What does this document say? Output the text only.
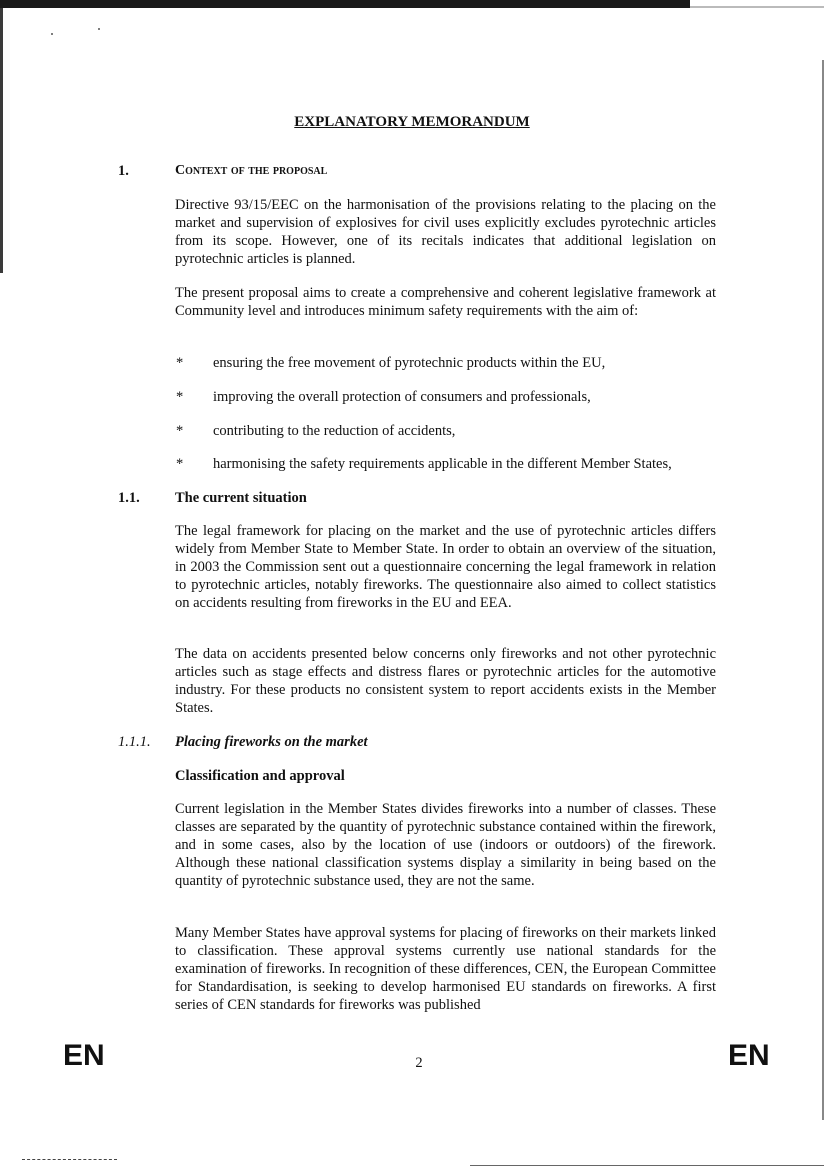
EXPLANATORY MEMORANDUM

1.	Context of the proposal

Directive 93/15/EEC on the harmonisation of the provisions relating to the placing on the market and supervision of explosives for civil uses explicitly excludes pyrotechnic articles from its scope. However, one of its recitals indicates that additional legislation on pyrotechnic articles is planned.

The present proposal aims to create a comprehensive and coherent legislative framework at Community level and introduces minimum safety requirements with the aim of:

* ensuring the free movement of pyrotechnic products within the EU,

* improving the overall protection of consumers and professionals,

* contributing to the reduction of accidents,

* harmonising the safety requirements applicable in the different Member States,

1.1. The current situation

The legal framework for placing on the market and the use of pyrotechnic articles differs widely from Member State to Member State. In order to obtain an overview of the situation, in 2003 the Commission sent out a questionnaire concerning the legal framework in relation to pyrotechnic articles, notably fireworks. The questionnaire also aimed to collect statistics on accidents resulting from fireworks in the EU and EEA.

The data on accidents presented below concerns only fireworks and not other pyrotechnic articles such as stage effects and distress flares or pyrotechnic articles for the automotive industry. For these products no consistent system to report accidents exists in the Member States.

1.1.1. Placing fireworks on the market
Classification and approval

Current legislation in the Member States divides fireworks into a number of classes. These classes are separated by the quantity of pyrotechnic substance contained within the firework, and in some cases, also by the location of use (indoors or outdoors) of the firework. Although these national classification systems display a similarity in being based on the quantity of pyrotechnic substance used, they are not the same.

Many Member States have approval systems for placing of fireworks on their markets linked to classification. These approval systems currently use national standards for the examination of fireworks. In recognition of these differences, CEN, the European Committee for Standardisation, is seeking to develop harmonised EU standards on fireworks. A first series of CEN standards for fireworks was published

EN	2	EN
